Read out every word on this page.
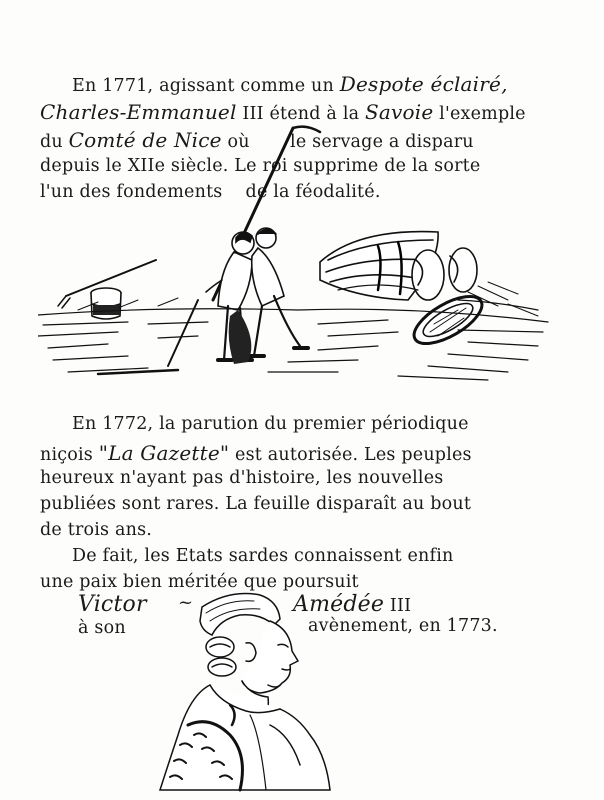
En 1771, agissant comme un Despote éclairé,
Charles-Emmanuel III étend à la Savoie l'exemple
du Comté de Nice où       le servage a disparu
depuis le XIIe siècle. Le roi supprime de la sorte
l'un des fondements    de la féodalité.
En 1772, la parution du premier périodique
niçois "La Gazette" est autorisée. Les peuples
heureux n'ayant pas d'histoire, les nouvelles
publiées sont rares. La feuille disparaît au bout
de trois ans.
De fait, les Etats sardes connaissent enfin
une paix bien méritée que poursuit
Victor ~	Amédée III
à son	avènement, en 1773.
